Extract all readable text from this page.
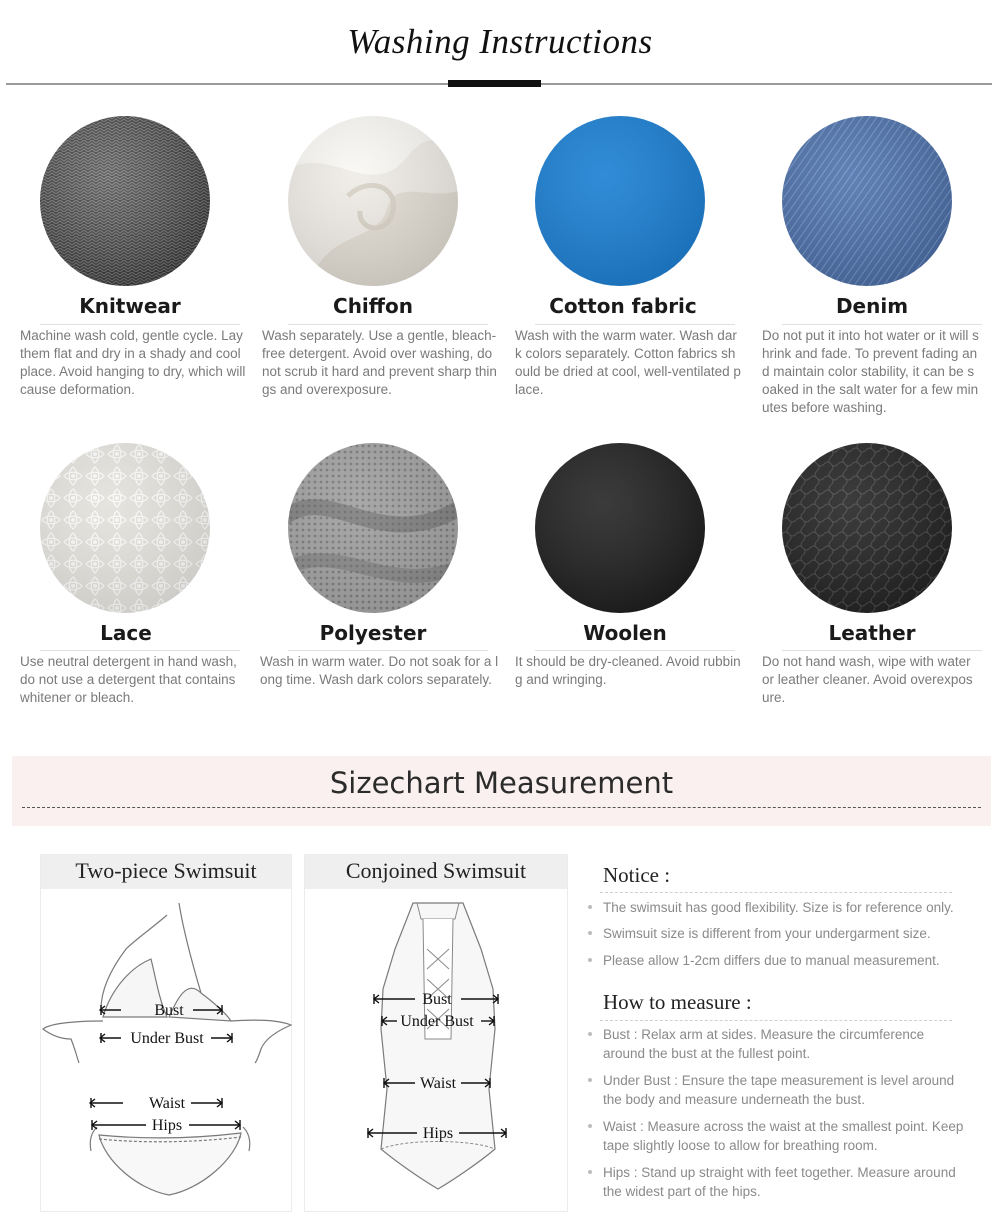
Washing Instructions
Knitwear
Machine wash cold, gentle cycle. Lay them flat and dry in a shady and cool place. Avoid hanging to dry, which will cause deformation.
Chiffon
Wash separately. Use a gentle, bleach-free detergent. Avoid over washing, do not scrub it hard and prevent sharp things and overexposure.
Cotton fabric
Wash with the warm water. Wash dark colors separately. Cotton fabrics should be dried at cool, well-ventilated place.
Denim
Do not put it into hot water or it will shrink and fade. To prevent fading and maintain color stability, it can be soaked in the salt water for a few minutes before washing.
Lace
Use neutral detergent in hand wash, do not use a detergent that contains whitener or bleach.
Polyester
Wash in warm water. Do not soak for a long time. Wash dark colors separately.
Woolen
It should be dry-cleaned. Avoid rubbing and wringing.
Leather
Do not hand wash, wipe with water or leather cleaner. Avoid overexposure.
Sizechart Measurement
Two-piece Swimsuit
Bust
Under Bust
Waist
Hips
Conjoined Swimsuit
Bust
Under Bust
Waist
Hips
Notice :
The swimsuit has good flexibility. Size is for reference only.
Swimsuit size is different from your undergarment size.
Please allow 1-2cm differs due to manual measurement.
How to measure :
Bust : Relax arm at sides. Measure the circumference around the bust at the fullest point.
Under Bust : Ensure the tape measurement is level around the body and measure underneath the bust.
Waist : Measure across the waist at the smallest point. Keep tape slightly loose to allow for breathing room.
Hips : Stand up straight with feet together. Measure around the widest part of the hips.
